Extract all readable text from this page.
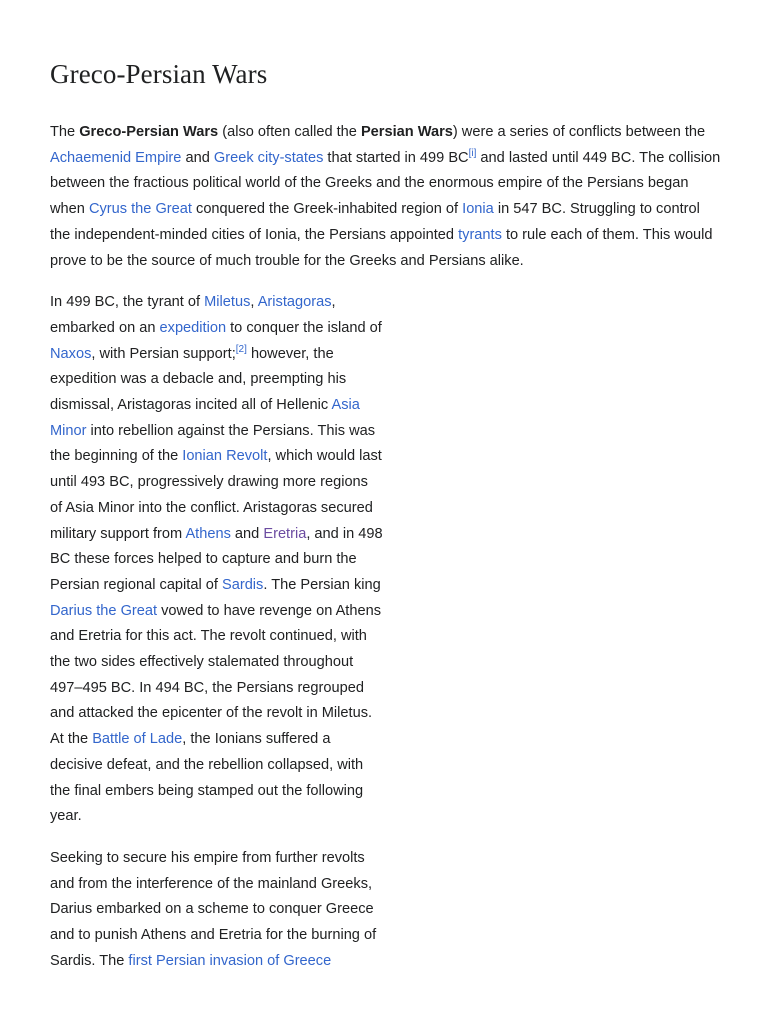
Greco-Persian Wars

The Greco-Persian Wars (also often called the Persian Wars) were a series of conflicts between the Achaemenid Empire and Greek city-states that started in 499 BC[i] and lasted until 449 BC. The collision between the fractious political world of the Greeks and the enormous empire of the Persians began when Cyrus the Great conquered the Greek-inhabited region of Ionia in 547 BC. Struggling to control the independent-minded cities of Ionia, the Persians appointed tyrants to rule each of them. This would prove to be the source of much trouble for the Greeks and Persians alike.

In 499 BC, the tyrant of Miletus, Aristagoras, embarked on an expedition to conquer the island of Naxos, with Persian support;[2] however, the expedition was a debacle and, preempting his dismissal, Aristagoras incited all of Hellenic Asia Minor into rebellion against the Persians. This was the beginning of the Ionian Revolt, which would last until 493 BC, progressively drawing more regions of Asia Minor into the conflict. Aristagoras secured military support from Athens and Eretria, and in 498 BC these forces helped to capture and burn the Persian regional capital of Sardis. The Persian king Darius the Great vowed to have revenge on Athens and Eretria for this act. The revolt continued, with the two sides effectively stalemated throughout 497–495 BC. In 494 BC, the Persians regrouped and attacked the epicenter of the revolt in Miletus. At the Battle of Lade, the Ionians suffered a decisive defeat, and the rebellion collapsed, with the final embers being stamped out the following year.

Seeking to secure his empire from further revolts and from the interference of the mainland Greeks, Darius embarked on a scheme to conquer Greece and to punish Athens and Eretria for the burning of Sardis. The first Persian invasion of Greece
